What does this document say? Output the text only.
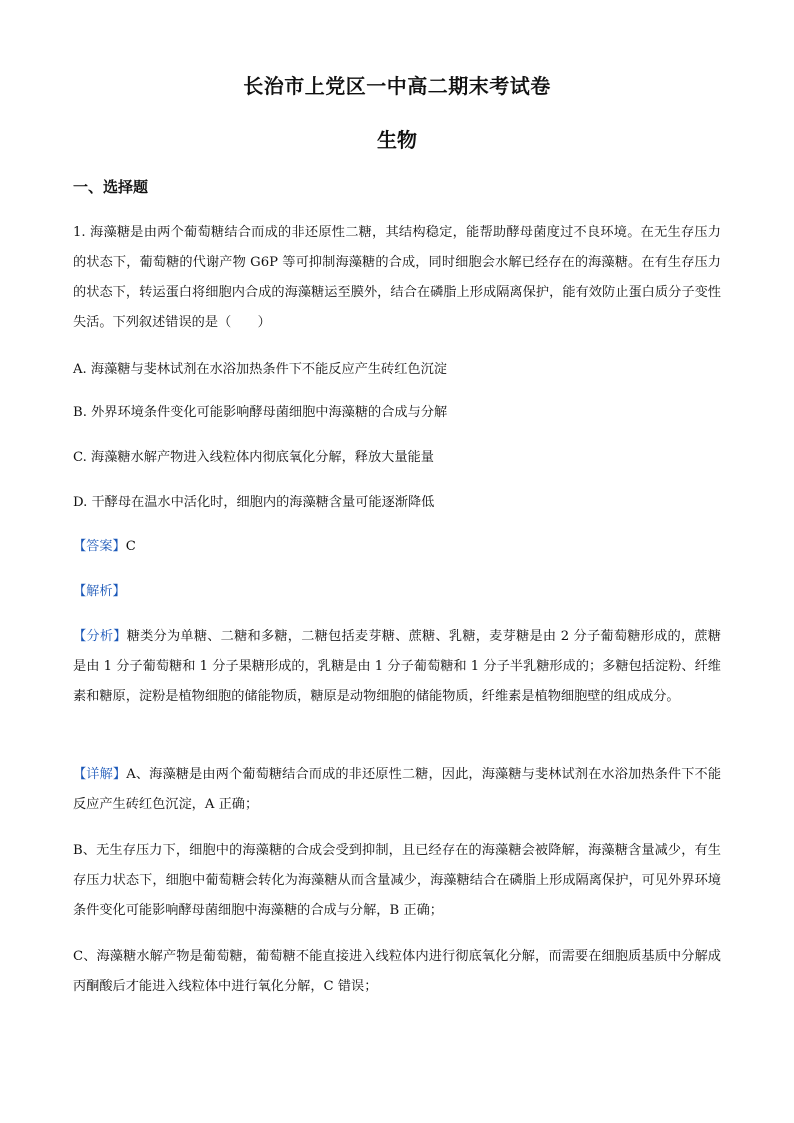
长治市上党区一中高二期末考试卷
生物
一、选择题
1. 海藻糖是由两个葡萄糖结合而成的非还原性二糖，其结构稳定，能帮助酵母菌度过不良环境。在无生存压力的状态下，葡萄糖的代谢产物 G6P 等可抑制海藻糖的合成，同时细胞会水解已经存在的海藻糖。在有生存压力的状态下，转运蛋白将细胞内合成的海藻糖运至膜外，结合在磷脂上形成隔离保护，能有效防止蛋白质分子变性失活。下列叙述错误的是（　　）
A. 海藻糖与斐林试剂在水浴加热条件下不能反应产生砖红色沉淀
B. 外界环境条件变化可能影响酵母菌细胞中海藻糖的合成与分解
C. 海藻糖水解产物进入线粒体内彻底氧化分解，释放大量能量
D. 干酵母在温水中活化时，细胞内的海藻糖含量可能逐渐降低
【答案】C
【解析】
【分析】糖类分为单糖、二糖和多糖，二糖包括麦芽糖、蔗糖、乳糖，麦芽糖是由 2 分子葡萄糖形成的，蔗糖是由 1 分子葡萄糖和 1 分子果糖形成的，乳糖是由 1 分子葡萄糖和 1 分子半乳糖形成的；多糖包括淀粉、纤维素和糖原，淀粉是植物细胞的储能物质，糖原是动物细胞的储能物质，纤维素是植物细胞壁的组成成分。
【详解】A、海藻糖是由两个葡萄糖结合而成的非还原性二糖，因此，海藻糖与斐林试剂在水浴加热条件下不能反应产生砖红色沉淀，A 正确；
B、无生存压力下，细胞中的海藻糖的合成会受到抑制，且已经存在的海藻糖会被降解，海藻糖含量减少，有生存压力状态下，细胞中葡萄糖会转化为海藻糖从而含量减少，海藻糖结合在磷脂上形成隔离保护，可见外界环境条件变化可能影响酵母菌细胞中海藻糖的合成与分解，B 正确；
C、海藻糖水解产物是葡萄糖，葡萄糖不能直接进入线粒体内进行彻底氧化分解，而需要在细胞质基质中分解成丙酮酸后才能进入线粒体中进行氧化分解，C 错误；
